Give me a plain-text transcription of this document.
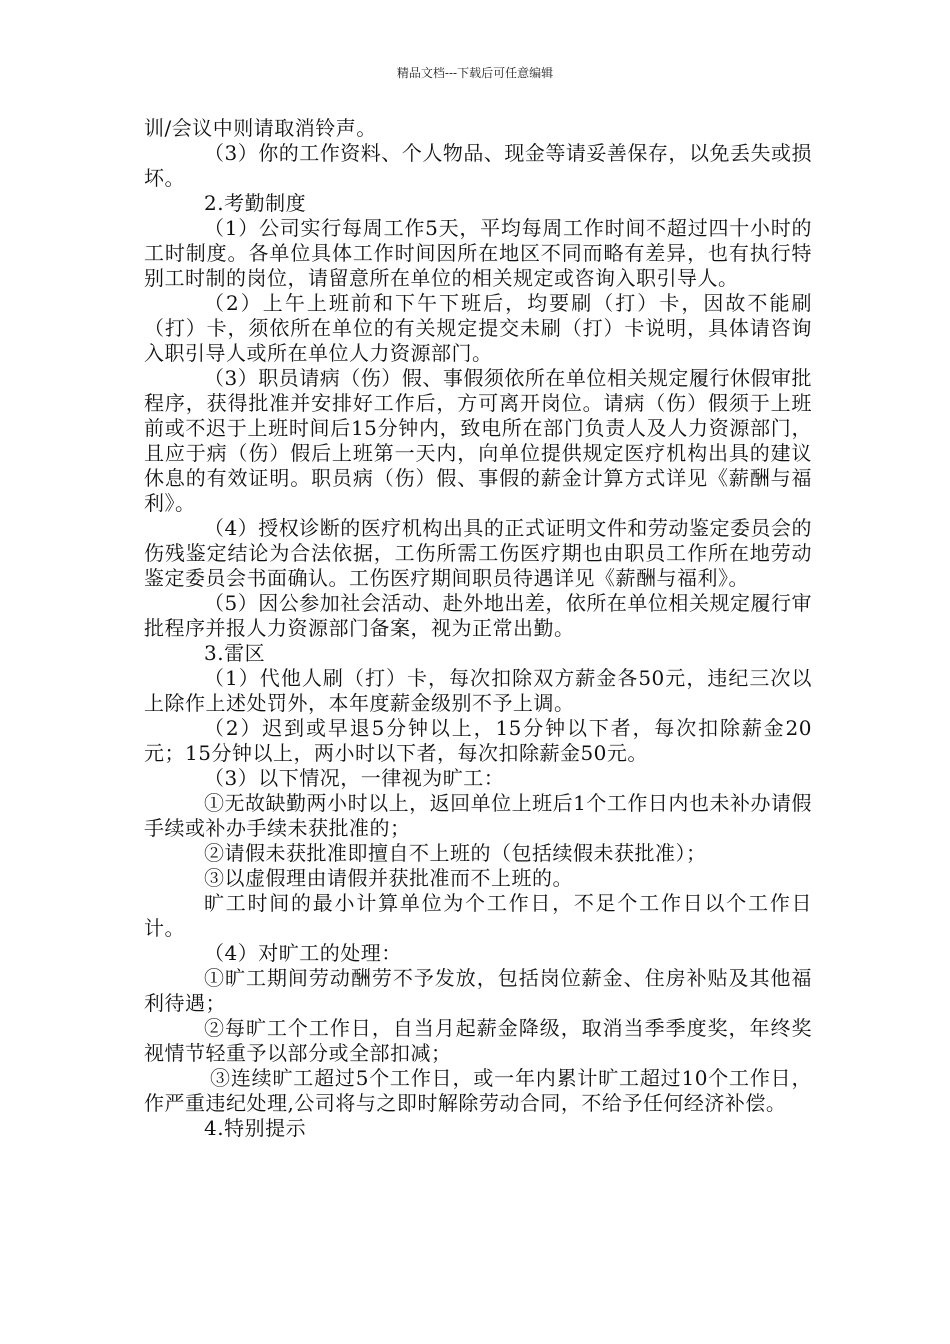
精品文档---下载后可任意编辑

训/会议中则请取消铃声。

（3）你的工作资料、个人物品、现金等请妥善保存，以免丢失或损坏。

2.考勤制度

（1）公司实行每周工作5天，平均每周工作时间不超过四十小时的工时制度。各单位具体工作时间因所在地区不同而略有差异，也有执行特别工时制的岗位，请留意所在单位的相关规定或咨询入职引导人。

（2）上午上班前和下午下班后，均要刷（打）卡，因故不能刷（打）卡，须依所在单位的有关规定提交未刷（打）卡说明，具体请咨询入职引导人或所在单位人力资源部门。

（3）职员请病（伤）假、事假须依所在单位相关规定履行休假审批程序，获得批准并安排好工作后，方可离开岗位。请病（伤）假须于上班前或不迟于上班时间后15分钟内，致电所在部门负责人及人力资源部门，且应于病（伤）假后上班第一天内，向单位提供规定医疗机构出具的建议休息的有效证明。职员病（伤）假、事假的薪金计算方式详见《薪酬与福利》。

（4）授权诊断的医疗机构出具的正式证明文件和劳动鉴定委员会的伤残鉴定结论为合法依据，工伤所需工伤医疗期也由职员工作所在地劳动鉴定委员会书面确认。工伤医疗期间职员待遇详见《薪酬与福利》。

（5）因公参加社会活动、赴外地出差，依所在单位相关规定履行审批程序并报人力资源部门备案，视为正常出勤。

3.雷区

（1）代他人刷（打）卡，每次扣除双方薪金各50元，违纪三次以上除作上述处罚外，本年度薪金级别不予上调。

（2）迟到或早退5分钟以上，15分钟以下者，每次扣除薪金20元；15分钟以上，两小时以下者，每次扣除薪金50元。

（3）以下情况，一律视为旷工：

①无故缺勤两小时以上，返回单位上班后1个工作日内也未补办请假手续或补办手续未获批准的；

②请假未获批准即擅自不上班的（包括续假未获批准）；

③以虚假理由请假并获批准而不上班的。

旷工时间的最小计算单位为个工作日，不足个工作日以个工作日计。

（4）对旷工的处理：

①旷工期间劳动酬劳不予发放，包括岗位薪金、住房补贴及其他福利待遇；

②每旷工个工作日，自当月起薪金降级，取消当季季度奖，年终奖视情节轻重予以部分或全部扣减；

③连续旷工超过5个工作日，或一年内累计旷工超过10个工作日，作严重违纪处理,公司将与之即时解除劳动合同，不给予任何经济补偿。

4.特别提示
